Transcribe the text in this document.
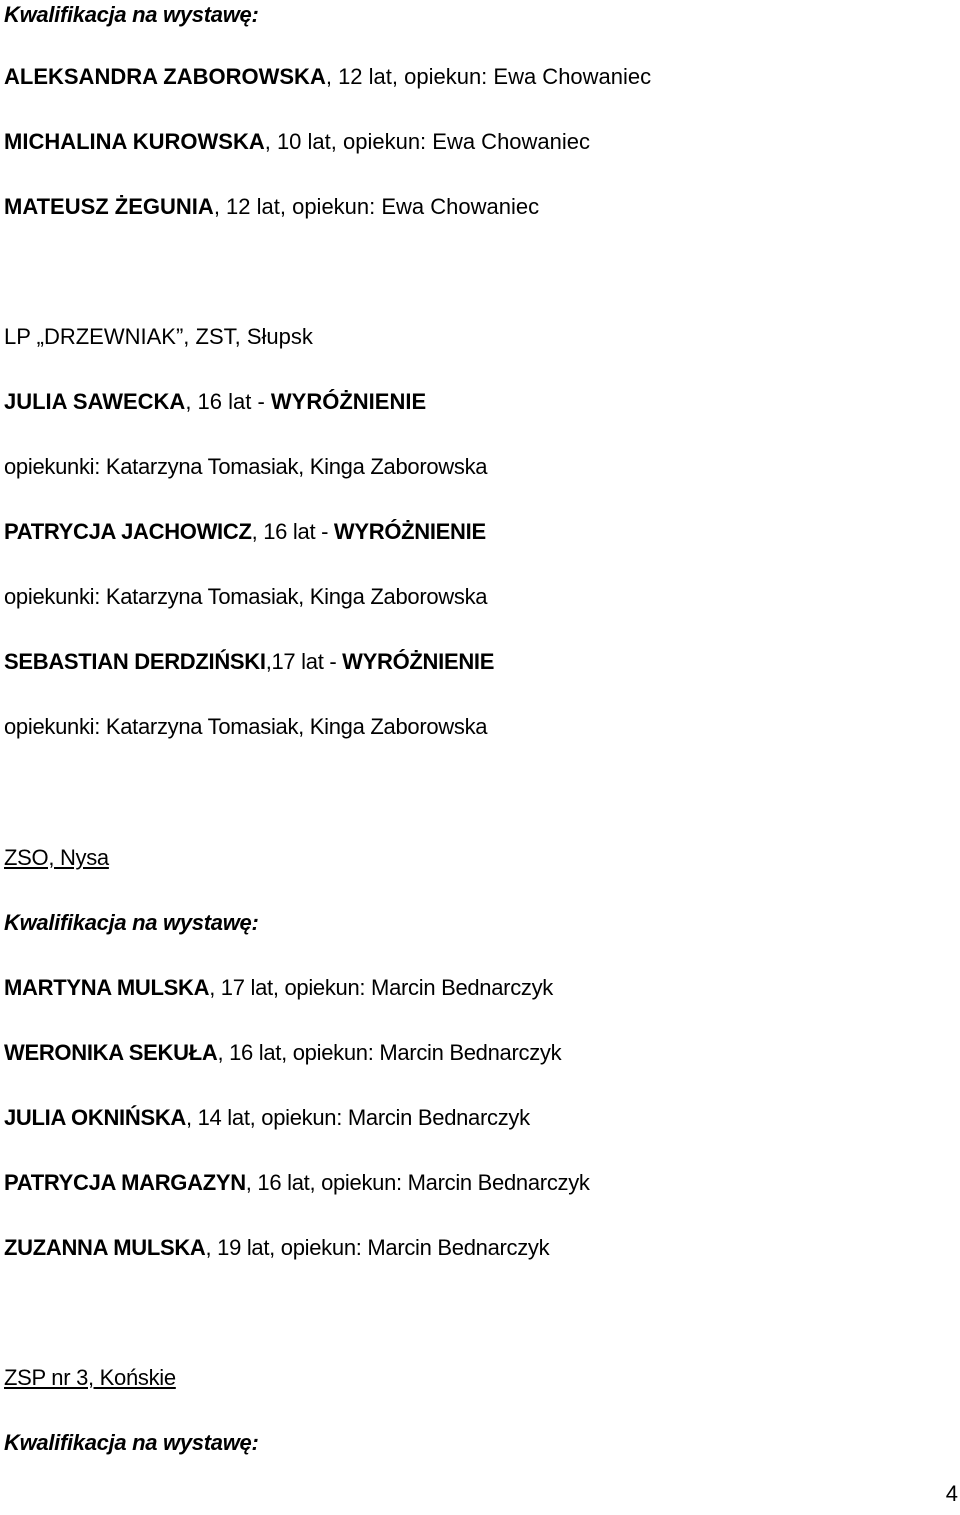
Kwalifikacja na wystawę:
ALEKSANDRA ZABOROWSKA, 12 lat, opiekun: Ewa Chowaniec
MICHALINA KUROWSKA, 10 lat, opiekun: Ewa Chowaniec
MATEUSZ ŻEGUNIA, 12 lat, opiekun: Ewa Chowaniec
LP „DRZEWNIAK”, ZST, Słupsk
JULIA SAWECKA, 16 lat - WYRÓŻNIENIE
opiekunki: Katarzyna Tomasiak, Kinga Zaborowska
PATRYCJA JACHOWICZ, 16 lat - WYRÓŻNIENIE
opiekunki: Katarzyna Tomasiak, Kinga Zaborowska
SEBASTIAN DERDZIŃSKI,17 lat - WYRÓŻNIENIE
opiekunki: Katarzyna Tomasiak, Kinga Zaborowska
ZSO, Nysa
Kwalifikacja na wystawę:
MARTYNA MULSKA, 17 lat, opiekun: Marcin Bednarczyk
WERONIKA SEKUŁA, 16 lat, opiekun: Marcin Bednarczyk
JULIA OKNIŃSKA, 14 lat, opiekun: Marcin Bednarczyk
PATRYCJA MARGAZYN, 16 lat, opiekun: Marcin Bednarczyk
ZUZANNA MULSKA, 19 lat, opiekun: Marcin Bednarczyk
ZSP nr 3, Końskie
Kwalifikacja na wystawę:
4
